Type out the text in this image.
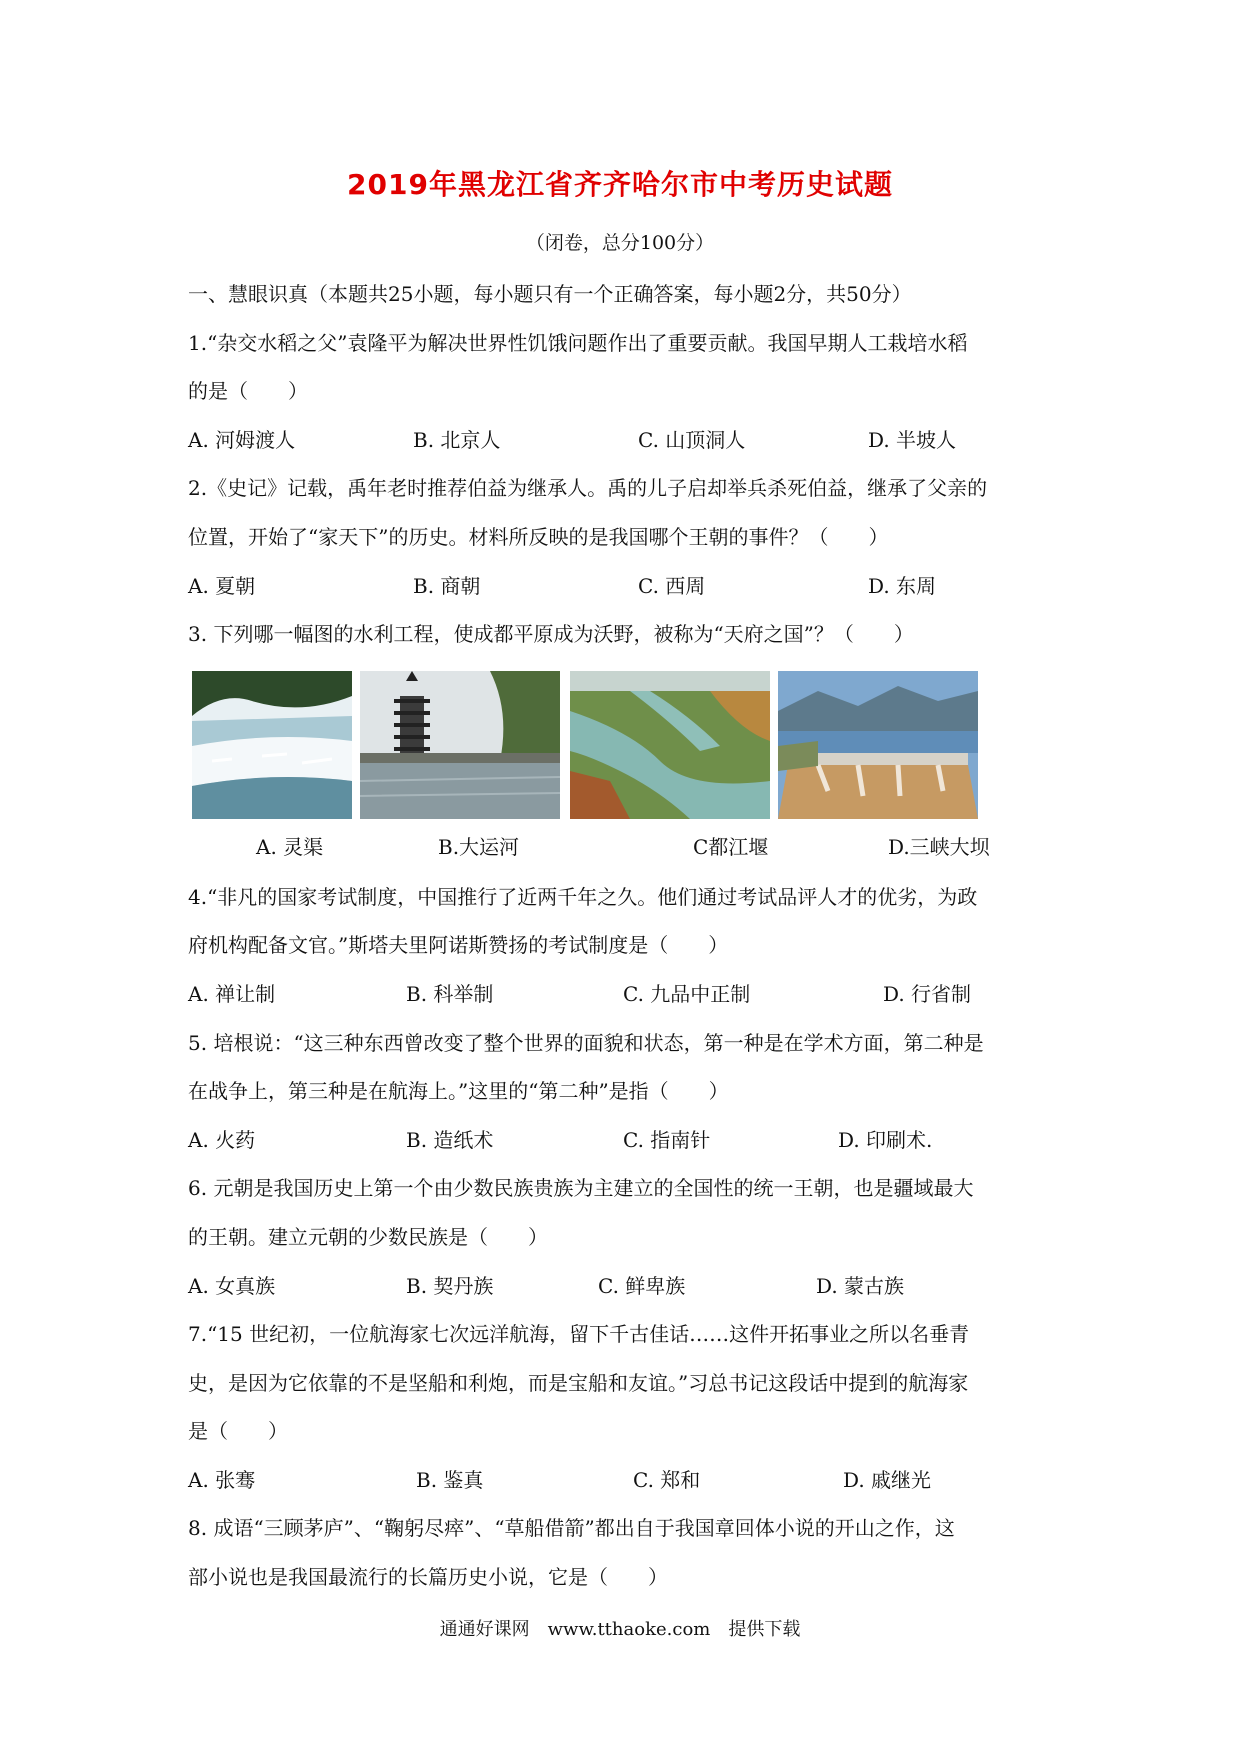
2019年黑龙江省齐齐哈尔市中考历史试题
（闭卷，总分100分）
一、慧眼识真（本题共25小题，每小题只有一个正确答案，每小题2分，共50分）
1.“杂交水稻之父”袁隆平为解决世界性饥饿问题作出了重要贡献。我国早期人工栽培水稻
的是（　　）
A. 河姆渡人	B. 北京人	C. 山顶洞人	D. 半坡人
2.《史记》记载，禹年老时推荐伯益为继承人。禹的儿子启却举兵杀死伯益，继承了父亲的
位置，开始了“家天下”的历史。材料所反映的是我国哪个王朝的事件？（　　）
A. 夏朝	B. 商朝	C. 西周	D. 东周
3. 下列哪一幅图的水利工程，使成都平原成为沃野，被称为“天府之国”？（　　）
A. 灵渠	B.大运河	C都江堰	D.三峡大坝
4.“非凡的国家考试制度，中国推行了近两千年之久。他们通过考试品评人才的优劣，为政
府机构配备文官。”斯塔夫里阿诺斯赞扬的考试制度是（　　）
A. 禅让制	B. 科举制	C. 九品中正制	D. 行省制
5. 培根说：“这三种东西曾改变了整个世界的面貌和状态，第一种是在学术方面，第二种是
在战争上，第三种是在航海上。”这里的“第二种”是指（　　）
A. 火药	B. 造纸术	C. 指南针	D. 印刷术.
6. 元朝是我国历史上第一个由少数民族贵族为主建立的全国性的统一王朝，也是疆域最大
的王朝。建立元朝的少数民族是（　　）
A. 女真族	B. 契丹族	C. 鲜卑族	D. 蒙古族
7.“15 世纪初，一位航海家七次远洋航海，留下千古佳话……这件开拓事业之所以名垂青
史，是因为它依靠的不是坚船和利炮，而是宝船和友谊。”习总书记这段话中提到的航海家
是（　　）
A. 张骞	B. 鉴真	C. 郑和	D. 戚继光
8. 成语“三顾茅庐”、“鞠躬尽瘁”、“草船借箭”都出自于我国章回体小说的开山之作，这
部小说也是我国最流行的长篇历史小说，它是（　　）
通通好课网　www.tthaoke.com　提供下载
